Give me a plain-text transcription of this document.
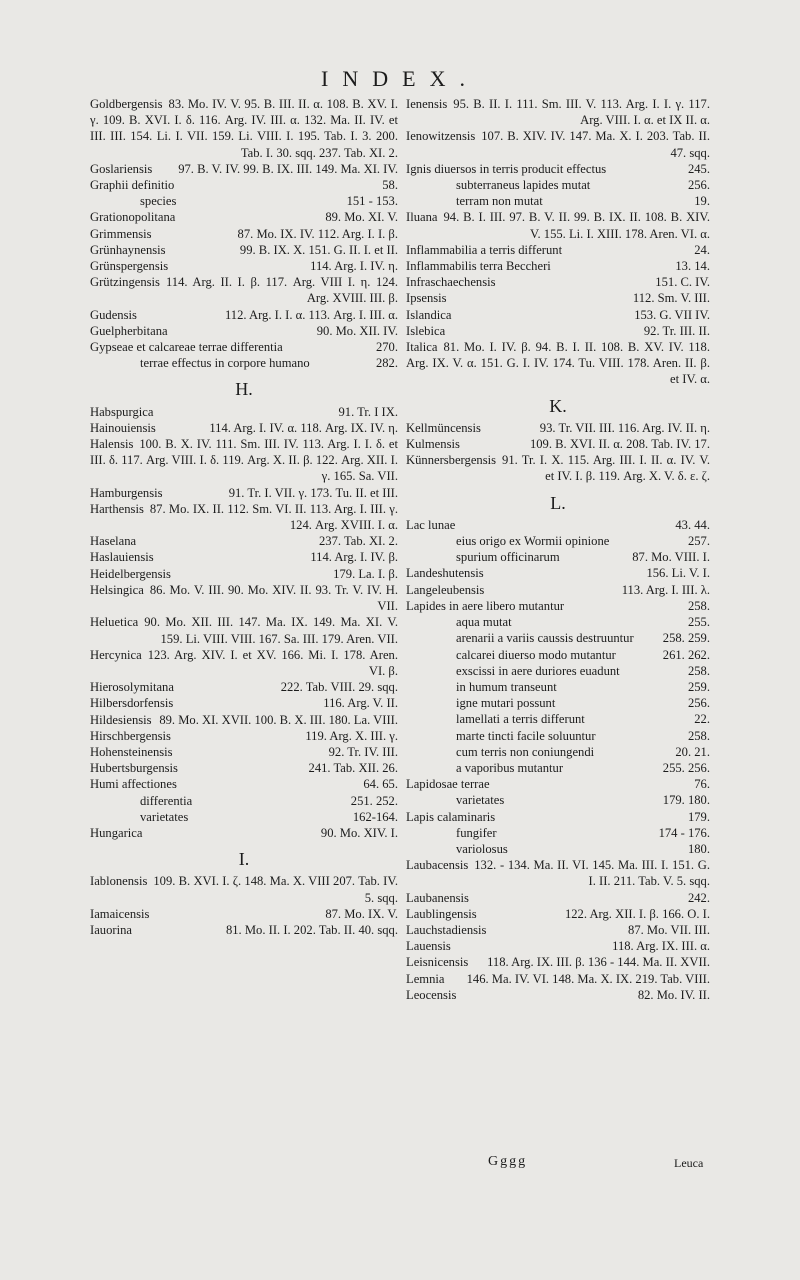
INDEX.
Goldbergensis 83. Mo. IV. V. 95. B. III. II. α. 108. B. XV. I. γ. 109. B. XVI. I. δ. 116. Arg. IV. III. α. 132. Ma. II. IV. et III. III. 154. Li. I. VII. 159. Li. VIII. I. 195. Tab. I. 3. 200. Tab. I. 30. sqq. 237. Tab. XI. 2.
Goslariensis	97. B. V. IV. 99. B. IX. III. 149. Ma. XI. IV.
Graphii definitio	58.
species	151 - 153.
Grationopolitana	89. Mo. XI. V.
Grimmensis	87. Mo. IX. IV. 112. Arg. I. I. β.
Grünhaynensis	99. B. IX. X. 151. G. II. I. et II.
Grünspergensis	114. Arg. I. IV. η.
Grützingensis 114. Arg. II. I. β. 117. Arg. VIII I. η. 124. Arg. XVIII. III. β.
Gudensis	112. Arg. I. I. α. 113. Arg. I. III. α.
Guelpherbitana	90. Mo. XII. IV.
Gypseae et calcareae terrae differentia	270.
terrae effectus in corpore humano	282.
H.
Habspurgica	91. Tr. I IX.
Hainouiensis	114. Arg. I. IV. α. 118. Arg. IX. IV. η.
Halensis 100. B. X. IV. 111. Sm. III. IV. 113. Arg. I. I. δ. et III. δ. 117. Arg. VIII. I. δ. 119. Arg. X. II. β. 122. Arg. XII. I. γ. 165. Sa. VII.
Hamburgensis	91. Tr. I. VII. γ. 173. Tu. II. et III.
Harthensis 87. Mo. IX. II. 112. Sm. VI. II. 113. Arg. I. III. γ. 124. Arg. XVIII. I. α.
Haselana	237. Tab. XI. 2.
Haslauiensis	114. Arg. I. IV. β.
Heidelbergensis	179. La. I. β.
Helsingica 86. Mo. V. III. 90. Mo. XIV. II. 93. Tr. V. IV. H. VII.
Heluetica 90. Mo. XII. III. 147. Ma. IX. 149. Ma. XI. V. 159. Li. VIII. VIII. 167. Sa. III. 179. Aren. VII.
Hercynica 123. Arg. XIV. I. et XV. 166. Mi. I. 178. Aren. VI. β.
Hierosolymitana	222. Tab. VIII. 29. sqq.
Hilbersdorfensis	116. Arg. V. II.
Hildesiensis 89. Mo. XI. XVII. 100. B. X. III. 180. La. VIII.
Hirschbergensis	119. Arg. X. III. γ.
Hohensteinensis	92. Tr. IV. III.
Hubertsburgensis	241. Tab. XII. 26.
Humi affectiones	64. 65.
differentia	251. 252.
varietates	162-164.
Hungarica	90. Mo. XIV. I.
I.
Iablonensis 109. B. XVI. I. ζ. 148. Ma. X. VIII 207. Tab. IV. 5. sqq.
Iamaicensis	87. Mo. IX. V.
Iauorina	81. Mo. II. I. 202. Tab. II. 40. sqq.
Ienensis 95. B. II. I. 111. Sm. III. V. 113. Arg. I. I. γ. 117. Arg. VIII. I. α. et IX II. α.
Ienowitzensis 107. B. XIV. IV. 147. Ma. X. I. 203. Tab. II. 47. sqq.
Ignis diuersos in terris producit effectus	245.
subterraneus lapides mutat	256.
terram non mutat	19.
Iluana 94. B. I. III. 97. B. V. II. 99. B. IX. II. 108. B. XIV. V. 155. Li. I. XIII. 178. Aren. VI. α.
Inflammabilia a terris differunt	24.
Inflammabilis terra Beccheri	13. 14.
Infraschaechensis	151. C. IV.
Ipsensis	112. Sm. V. III.
Islandica	153. G. VII IV.
Islebica	92. Tr. III. II.
Italica 81. Mo. I. IV. β. 94. B. I. II. 108. B. XV. IV. 118. Arg. IX. V. α. 151. G. I. IV. 174. Tu. VIII. 178. Aren. II. β. et IV. α.
K.
Kellmüncensis	93. Tr. VII. III. 116. Arg. IV. II. η.
Kulmensis	109. B. XVI. II. α. 208. Tab. IV. 17.
Künnersbergensis 91. Tr. I. X. 115. Arg. III. I. II. α. IV. V. et IV. I. β. 119. Arg. X. V. δ. ε. ζ.
L.
Lac lunae	43. 44.
eius origo ex Wormii opinione	257.
spurium officinarum	87. Mo. VIII. I.
Landeshutensis	156. Li. V. I.
Langeleubensis	113. Arg. I. III. λ.
Lapides in aere libero mutantur	258.
aqua mutat	255.
arenarii a variis caussis destruuntur	258. 259.
calcarei diuerso modo mutantur	261. 262.
exscissi in aere duriores euadunt	258.
in humum transeunt	259.
igne mutari possunt	256.
lamellati a terris differunt	22.
marte tincti facile soluuntur	258.
cum terris non coniungendi	20. 21.
a vaporibus mutantur	255. 256.
Lapidosae terrae	76.
varietates	179. 180.
Lapis calaminaris	179.
fungifer	174 - 176.
variolosus	180.
Laubacensis 132. - 134. Ma. II. VI. 145. Ma. III. I. 151. G. I. II. 211. Tab. V. 5. sqq.
Laubanensis	242.
Laublingensis	122. Arg. XII. I. β. 166. O. I.
Lauchstadiensis	87. Mo. VII. III.
Lauensis	118. Arg. IX. III. α.
Leisnicensis	118. Arg. IX. III. β. 136 - 144. Ma. II. XVII.
Lemnia	146. Ma. IV. VI. 148. Ma. X. IX. 219. Tab. VIII.
Leocensis	82. Mo. IV. II.
Gggg	Leuca
